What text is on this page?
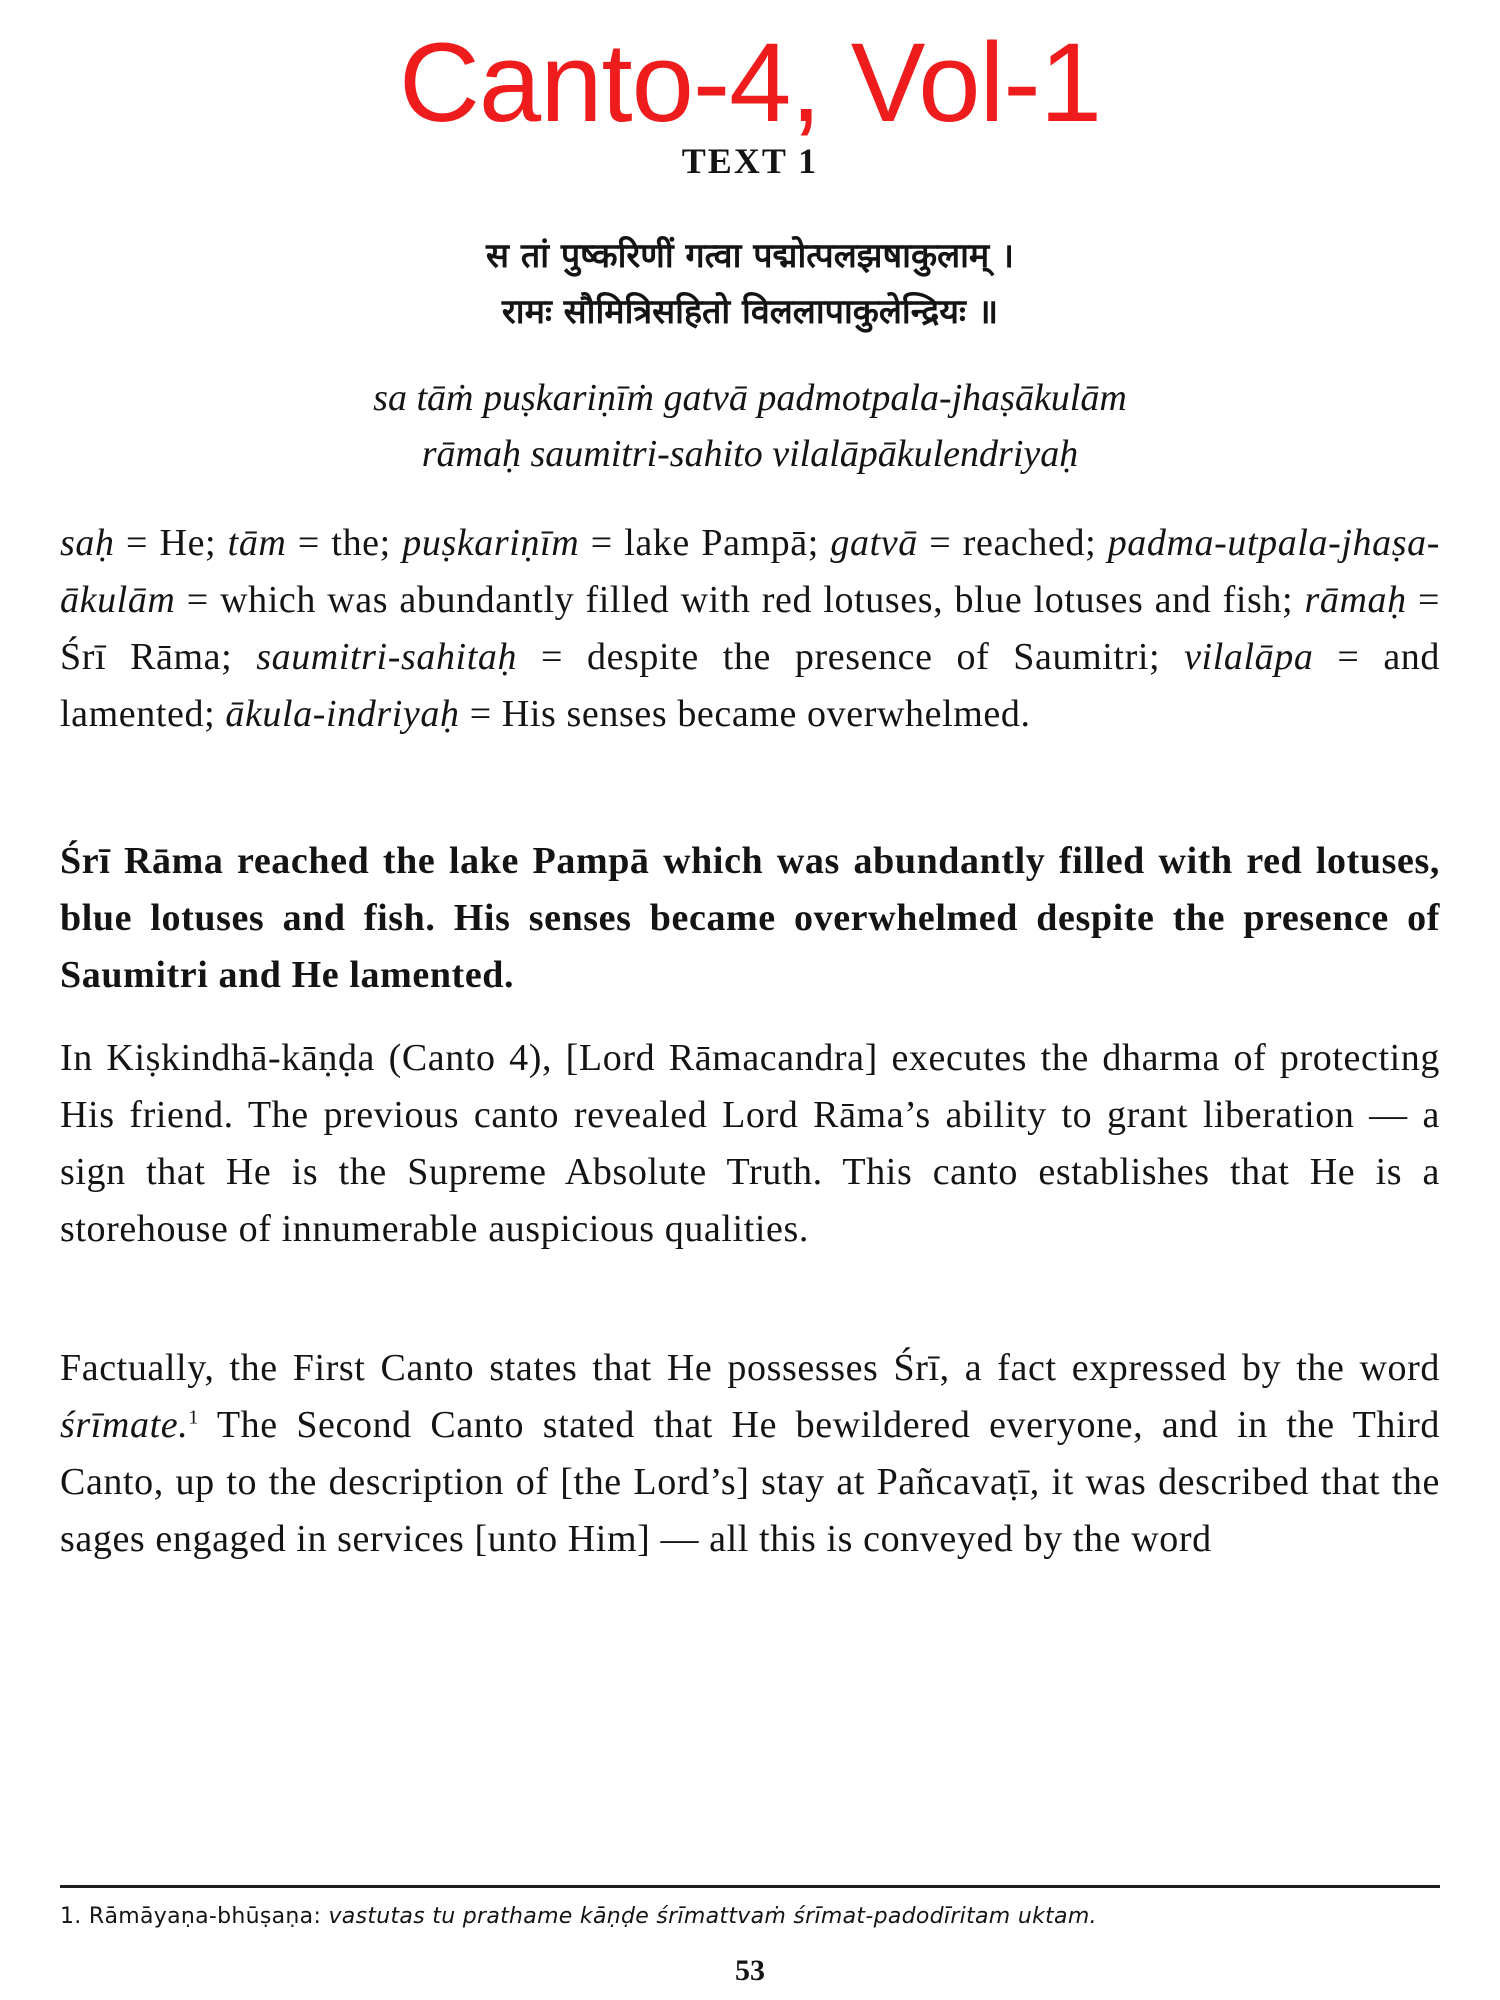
Canto-4, Vol-1
TEXT 1
स तां पुष्करिणीं गत्वा पद्मोत्पलझषाकुलाम् ।
रामः सौमित्रिसहितो विललापाकुलेन्द्रियः ॥
sa tāṁ puṣkariṇīṁ gatvā padmotpala-jhaṣākulām
rāmaḥ saumitri-sahito vilalāpākulendriyaḥ
saḥ = He; tām = the; puṣkariṇīm = lake Pampā; gatvā = reached; padma-utpala-jhaṣa-ākulām = which was abundantly filled with red lotuses, blue lotuses and fish; rāmaḥ = Śrī Rāma; saumitri-sahitaḥ = despite the presence of Saumitri; vilalāpa = and lamented; ākula-indriyaḥ = His senses became overwhelmed.
Śrī Rāma reached the lake Pampā which was abundantly filled with red lotuses, blue lotuses and fish. His senses became overwhelmed despite the presence of Saumitri and He lamented.
In Kiṣkindhā-kāṇḍa (Canto 4), [Lord Rāmacandra] executes the dharma of protecting His friend. The previous canto revealed Lord Rāma’s ability to grant liberation — a sign that He is the Supreme Absolute Truth. This canto establishes that He is a storehouse of innumerable auspicious qualities.
Factually, the First Canto states that He possesses Śrī, a fact expressed by the word śrīmate.$^1$ The Second Canto stated that He bewildered everyone, and in the Third Canto, up to the description of [the Lord’s] stay at Pañcavaṭī, it was described that the sages engaged in services [unto Him] — all this is conveyed by the word
1. Rāmāyaṇa-bhūṣaṇa: vastutas tu prathame kāṇḍe śrīmattvaṁ śrīmat-padodīritam uktam.
53
